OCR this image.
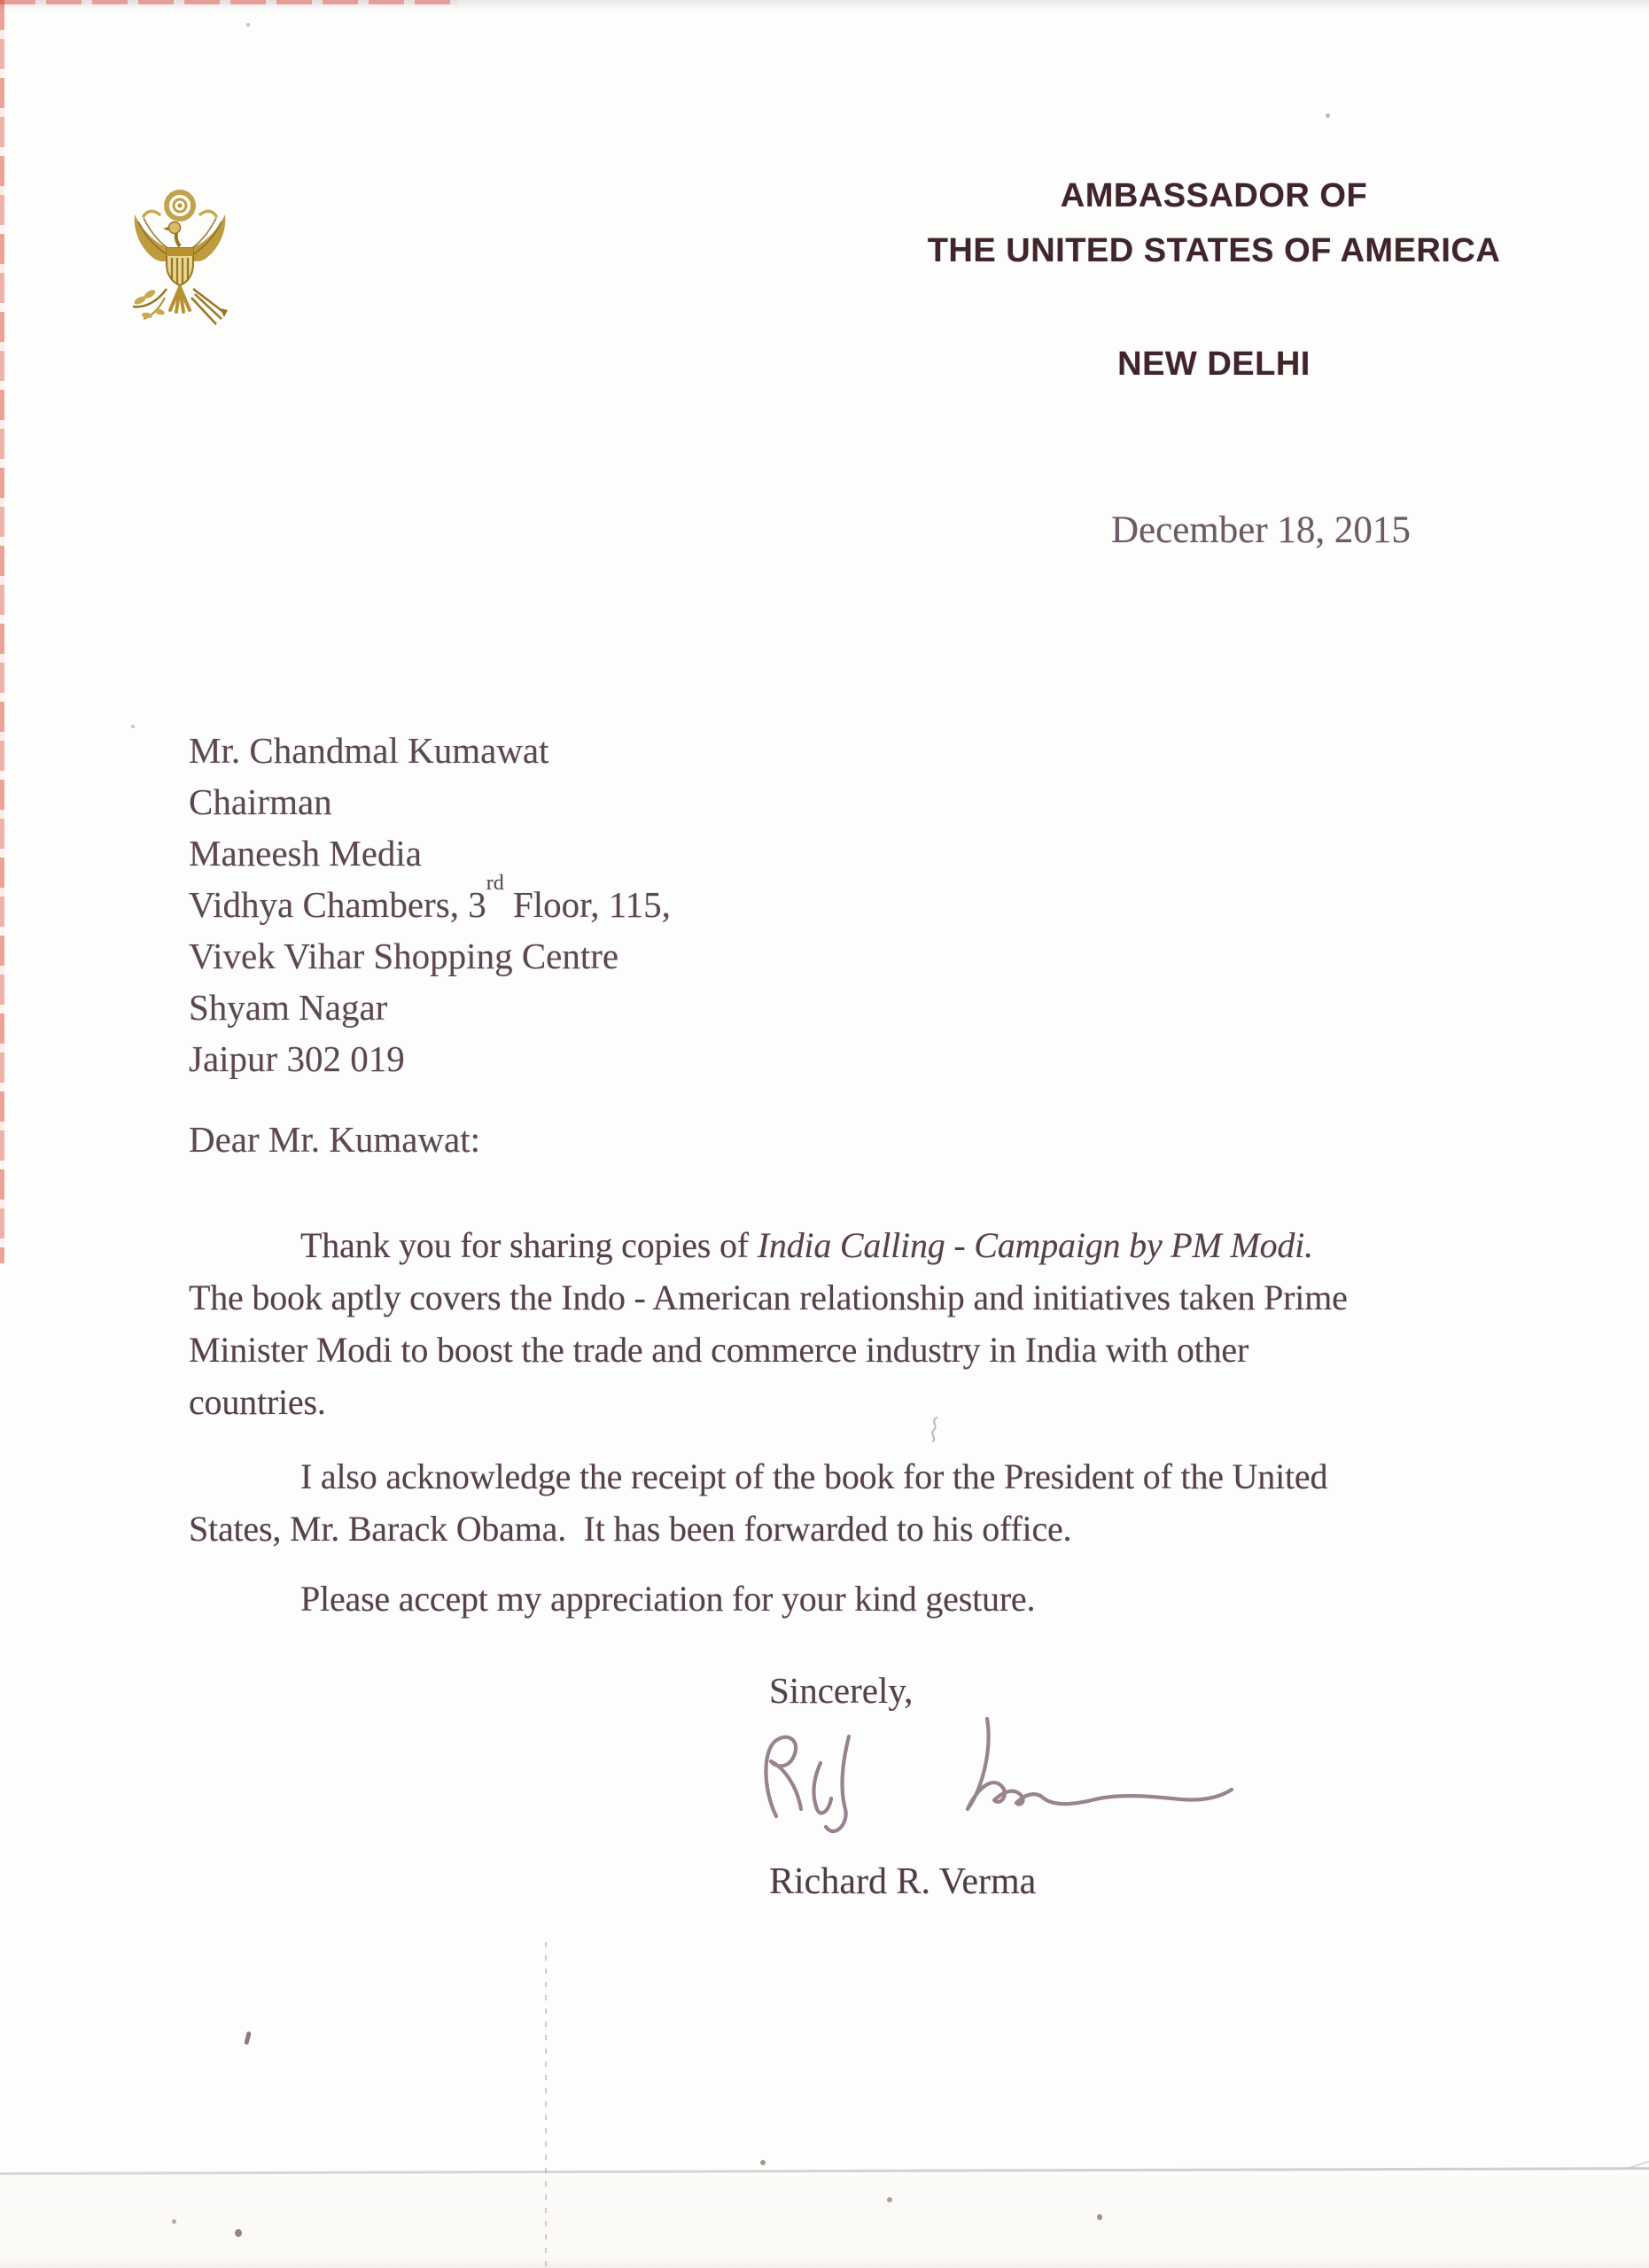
AMBASSADOR OF
THE UNITED STATES OF AMERICA
NEW DELHI
December 18, 2015
Mr. Chandmal Kumawat
Chairman
Maneesh Media
Vidhya Chambers, 3rd Floor, 115,
Vivek Vihar Shopping Centre
Shyam Nagar
Jaipur 302 019
Dear Mr. Kumawat:
Thank you for sharing copies of India Calling - Campaign by PM Modi.
The book aptly covers the Indo - American relationship and initiatives taken Prime
Minister Modi to boost the trade and commerce industry in India with other
countries.
I also acknowledge the receipt of the book for the President of the United
States, Mr. Barack Obama.  It has been forwarded to his office.
Please accept my appreciation for your kind gesture.
Sincerely,
Richard R. Verma
